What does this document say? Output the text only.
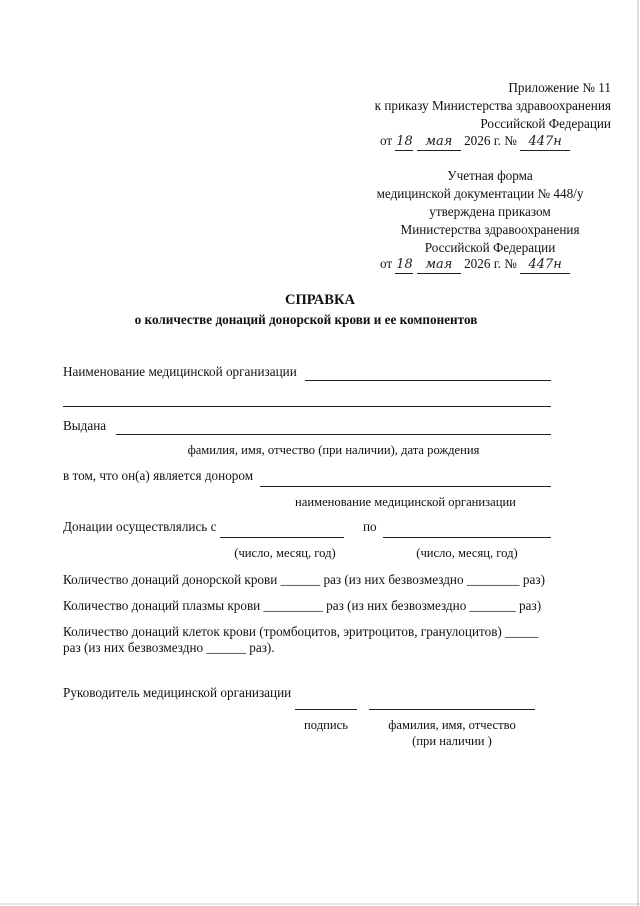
Приложение № 11
к приказу Министерства здравоохранения
Российской Федерации
от 18 мая 2026 г. № 447н
Учетная форма
медицинской документации № 448/у
утверждена приказом
Министерства здравоохранения
Российской Федерации
от 18 мая 2026 г. № 447н
СПРАВКА
о количестве донаций донорской крови и ее компонентов
Наименование медицинской организации
Выдана
фамилия, имя, отчество (при наличии), дата рождения
в том, что он(а) является донором
наименование медицинской организации
Донации осуществлялись с	по
(число, месяц, год)	(число, месяц, год)
Количество донаций донорской крови ______ раз (из них безвозмездно ________ раз)
Количество донаций плазмы крови _________ раз (из них безвозмездно _______ раз)
Количество донаций клеток крови (тромбоцитов, эритроцитов, гранулоцитов) _____
раз (из них безвозмездно ______ раз).
Руководитель медицинской организации
подпись	фамилия, имя, отчество
(при наличии )
